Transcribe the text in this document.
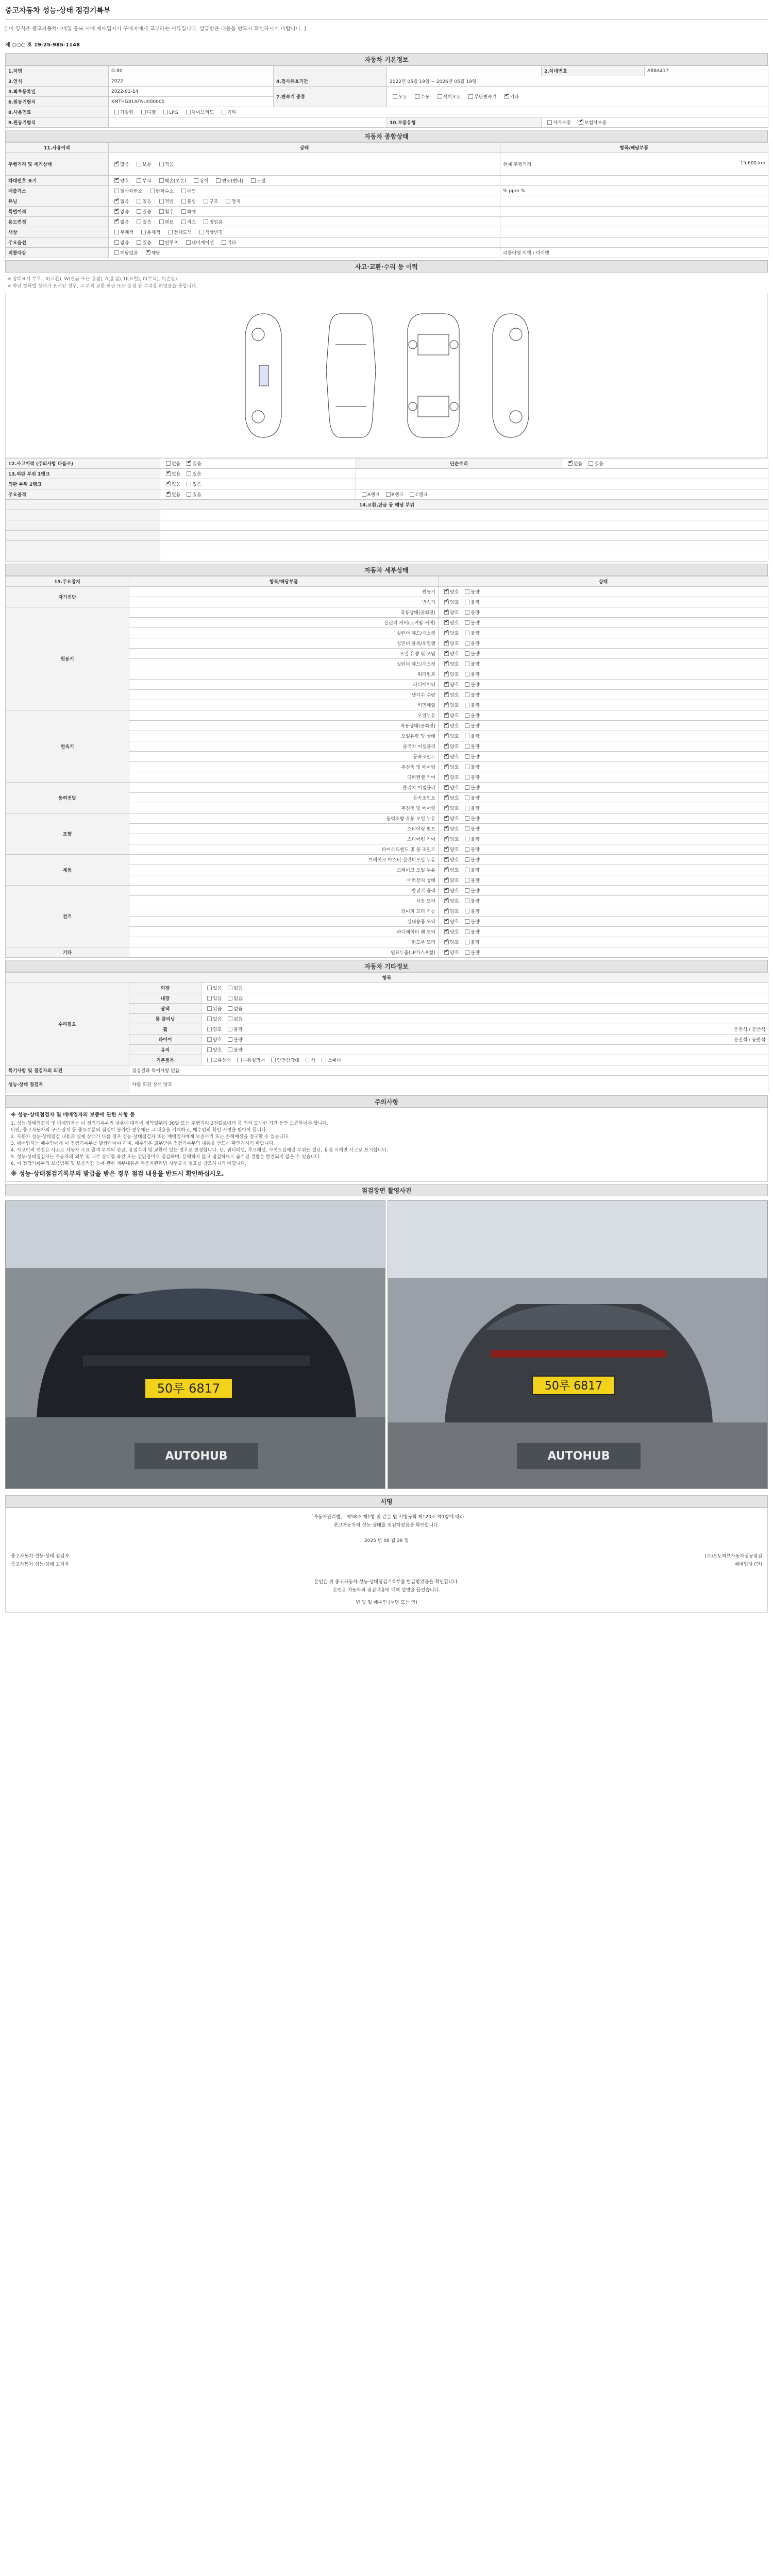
중고자동차 성능·상태 점검기록부
[ 이 양식은 중고자동차매매업 등록 시에 매매업자가 구매자에게 교부하는 서류입니다. 발급받은 내용을 반드시 확인하시기 바랍니다. ]
제 ○○○ 호 19-25-985-1148
자동차 기본정보
1.차명	G-80			2.차대번호	AB8A417
3.연식	2022	4.검사유효기간	2022년 05월 19일 ~ 2026년 05월 19일		
5.최초등록일	2022-01-14	7.변속기 종류	오토 수동 세미오토 무단변속기 ✔ 기타
6.원동기형식	KMTHG81AFNU000000				
8.사용연료	가솔린 디젤 LPG 하이브리드 기타				
9.원동기형식			10.보증유형	자가보증 ✔ 보험사보증
자동차 종합상태
11.사용이력	상태	항목/해당부품
주행거리 및 계기상태	✔많음 보통 적음	현재 주행거리 15,600 km

차대번호 표기	✔양호 부식 훼손(오손) 상이 변조(변타) 도말	
배출가스	일산화탄소 탄화수소 매연	% ppm %
튜닝	✔없음 있음 적법 불법 구조 장치	
특별이력	✔없음 있음 침수 화재	
용도변경	✔없음 있음 렌트 리스 영업용	
색상	무채색 유채색 전체도색 색상변경	
주요옵션	없음 있음 썬루프 네비게이션 기타	
리콜대상	해당없음 ✔ 해당	리콜이행 이행 / 미이행
사고·교환·수리 등 이력
※ 상태표시 부호 : X(교환), W(판금 또는 용접), A(흠집), U(요철), C(부식), T(손상)
※ 하단 항목별 상태가 표시된 경우, 그 부위 교환·판금 또는 용접 등 수리를 하였음을 뜻합니다.
12.사고이력 (주의사항 다음조)	없음 ✔ 있음	단순수리	✔없음 있음
13.외판 부위 1랭크	✔없음 있음	
외판 부위 2랭크	✔없음 있음	
주요골격	✔없음 있음	A랭크 B랭크 C랭크	
14.교환,판금 등 해당 부위			

자동차 세부상태
15.주요장치	항목/해당부품	상태
자기진단	원동기	✔양호 불량
	변속기	✔양호 불량
원동기	작동상태(공회전)	✔양호 불량
	실린더 커버(로커암 커버)	✔양호 불량
	실린더 헤드/개스킷	✔양호 불량
	실린더 블록/오일팬	✔양호 불량
	오일 유량 및 오염	✔양호 불량
	실린더 헤드/개스킷	✔양호 불량
	워터펌프	✔양호 불량
	라디에이터	✔양호 불량
	냉각수 수량	✔양호 불량
	커먼레일	✔양호 불량
변속기	오일누유	✔양호 불량
	작동상태(공회전)	✔양호 불량
	오일유량 및 상태	✔양호 불량
	클러치 어셈블리	✔양호 불량
	등속조인트	✔양호 불량
	추진축 및 베어링	✔양호 불량
	디퍼렌셜 기어	✔양호 불량
동력전달	클러치 어셈블리	✔양호 불량
	등속조인트	✔양호 불량
	추진축 및 베어링	✔양호 불량
조향	동력조향 작동 오일 누유	✔양호 불량
	스티어링 펌프	✔양호 불량
	스티어링 기어	✔양호 불량
	타이로드엔드 및 볼 조인트	✔양호 불량
제동	브레이크 마스터 실린더오일 누유	✔양호 불량
	브레이크 오일 누유	✔양호 불량
	배력장치 상태	✔양호 불량
전기	발전기 출력	✔양호 불량
	시동 모터	✔양호 불량
	와이퍼 모터 기능	✔양호 불량
	실내송풍 모터	✔양호 불량
	라디에이터 팬 모터	✔양호 불량
	윈도우 모터	✔양호 불량
기타	연료누출(LP가스포함)	✔양호 불량
자동차 기타정보
항목		
수리필요	외장	있음 없음
	내장	있음 없음
	광택	있음 없음
	룸 클리닝	있음 없음
	휠	양호 불량 운전석 / 동반석

	타이어	양호 불량 운전석 / 동반석

	유리	양호 불량
	기본품목	보유상태 사용설명서 안전삼각대 잭 스패너
특기사항 및 점검자의 의견	점검결과 특이사항 없음	
성능·상태 점검자	차량 외관 상태 양호	
주의사항
※ 성능·상태점검자 및 매매업자의 보증에 관한 사항 등
1. 성능·상태점검자 및 매매업자는 이 점검기록부의 내용에 대하여 계약일부터 30일 또는 주행거리 2천킬로미터 중 먼저 도래한 기간 동안 보증하여야 합니다.
다만, 중고자동차의 구조·장치 등 중요부분의 점검이 불가한 경우에는 그 내용을 기재하고, 매수인의 확인 서명을 받아야 합니다.
2. 자동차 성능·상태점검 내용과 실제 상태가 다를 경우 성능·상태점검자 또는 매매업자에게 보증수리 또는 손해배상을 청구할 수 있습니다.
3. 매매업자는 매수인에게 이 점검기록부를 발급하여야 하며, 매수인은 교부받은 점검기록부의 내용을 반드시 확인하시기 바랍니다.
4. 사고이력 인정은 사고로 자동차 주요 골격 부위의 판금, 용접수리 및 교환이 있는 경우로 한정합니다. 단, 쿼터패널, 루프패널, 사이드실패널 부위는 절단, 용접 시에만 사고로 표기합니다.
5. 성능·상태점검자는 자동차의 외부 및 내부 상태를 육안 또는 진단장비로 점검하며, 분해하지 않고 점검하므로 숨겨진 결함은 발견되지 않을 수 있습니다.
6. 이 점검기록부의 보증범위 및 보증기간 등에 관한 세부내용은 자동차관리법 시행규칙 별표를 참조하시기 바랍니다.
※ 성능·상태점검기록부의 발급을 받은 경우 점검 내용을 반드시 확인하십시오.
점검장면 촬영사진
50루 6817
AUTOHUB
50루 6817
AUTOHUB
서명
「자동차관리법」 제58조 제1항 및 같은 법 시행규칙 제120조 제1항에 따라
중고자동차의 성능·상태를 점검하였음을 확인합니다.
2025 년 08 월 26 일
중고자동차 성능·상태 점검자	(주)오토허브자동차성능점검
중고자동차 성능·상태 고지자	매매업자 (인)
본인은 위 중고자동차 성능·상태점검기록부를 발급받았음을 확인합니다.
본인은 자동차의 점검내용에 대해 설명을 들었습니다.
년 월 일 매수인 (서명 또는 인)
